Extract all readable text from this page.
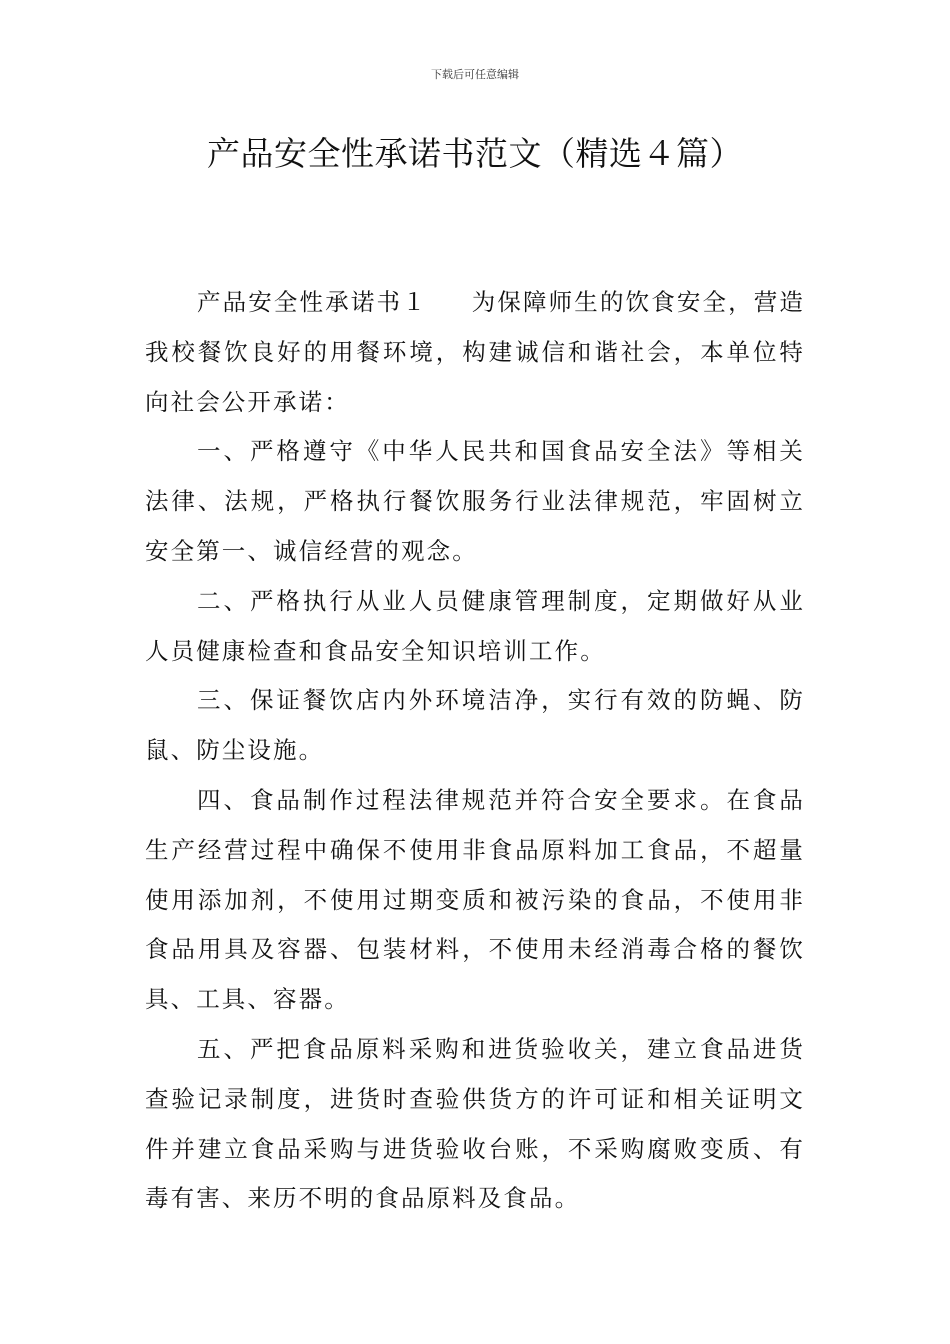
下载后可任意编辑
产品安全性承诺书范文（精选４篇）

产品安全性承诺书１ 为保障师生的饮食安全，营造我校餐饮良好的用餐环境，构建诚信和谐社会，本单位特向社会公开承诺：

一、严格遵守《中华人民共和国食品安全法》等相关法律、法规，严格执行餐饮服务行业法律规范，牢固树立安全第一、诚信经营的观念。

二、严格执行从业人员健康管理制度，定期做好从业人员健康检查和食品安全知识培训工作。

三、保证餐饮店内外环境洁净，实行有效的防蝇、防鼠、防尘设施。

四、食品制作过程法律规范并符合安全要求。在食品生产经营过程中确保不使用非食品原料加工食品，不超量使用添加剂，不使用过期变质和被污染的食品，不使用非食品用具及容器、包装材料，不使用未经消毒合格的餐饮具、工具、容器。

五、严把食品原料采购和进货验收关，建立食品进货查验记录制度，进货时查验供货方的许可证和相关证明文件并建立食品采购与进货验收台账，不采购腐败变质、有毒有害、来历不明的食品原料及食品。
